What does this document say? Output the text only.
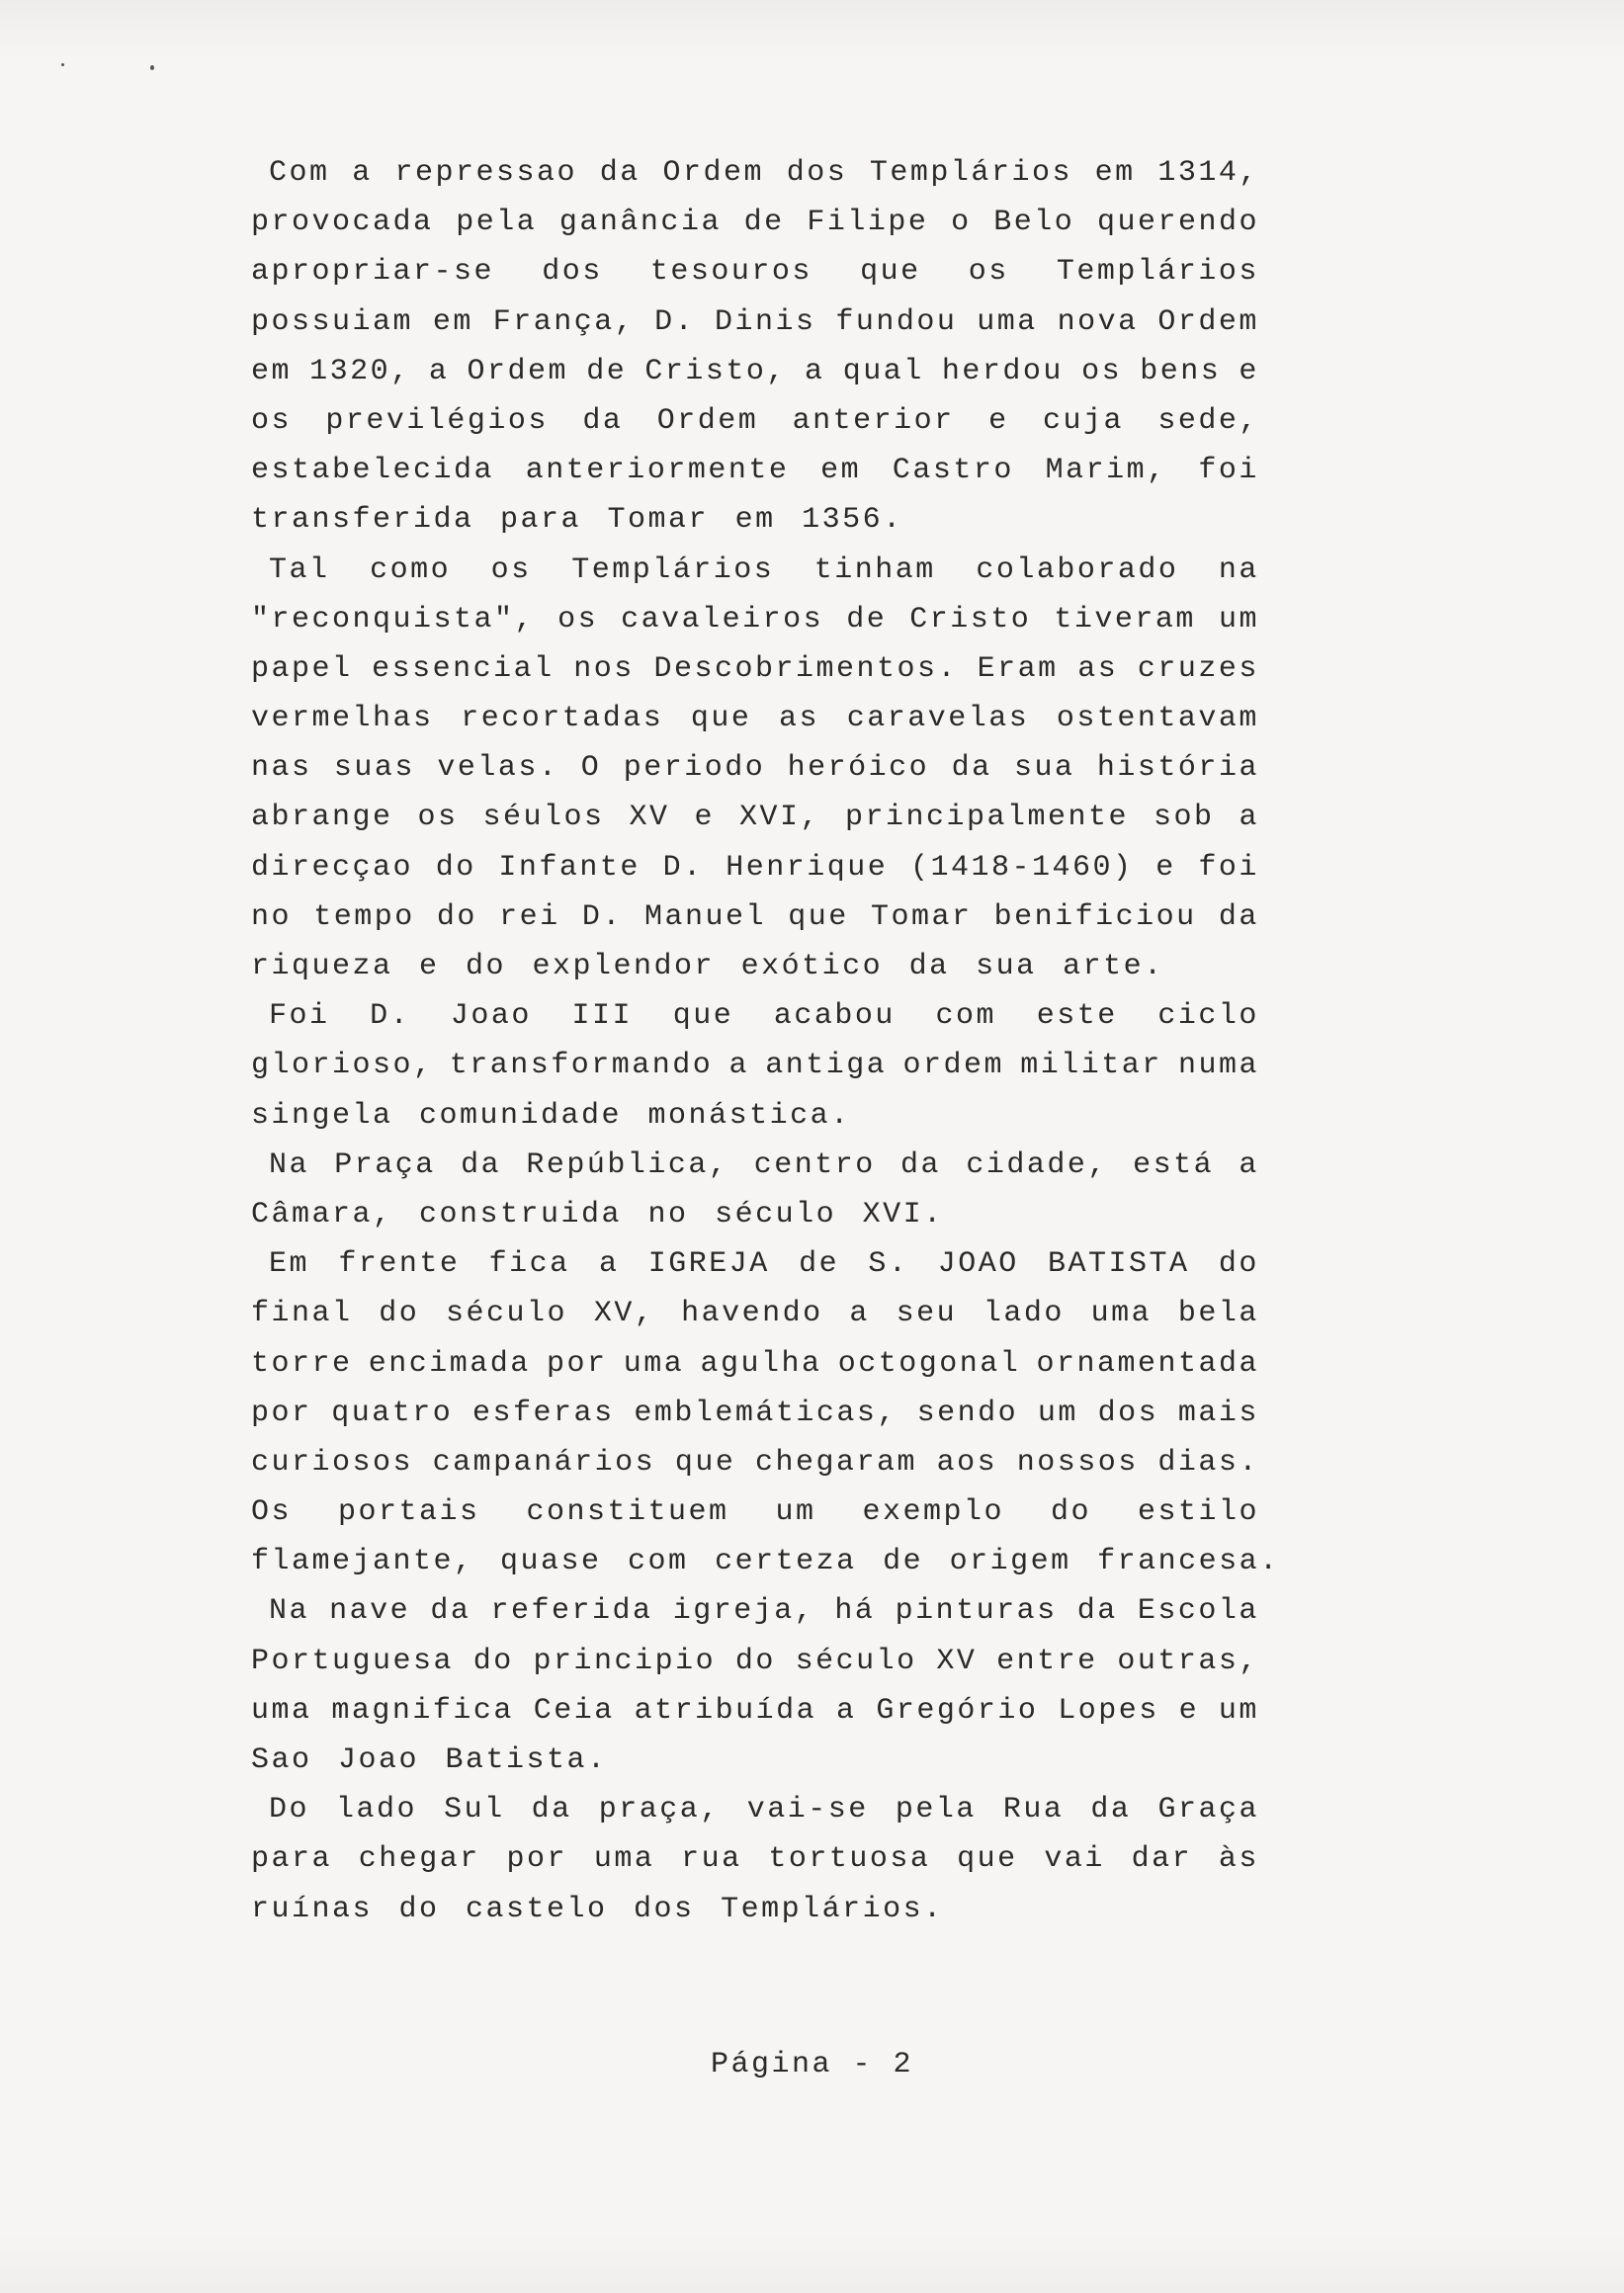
Com a repressao da Ordem dos Templários em 1314,
provocada pela ganância de Filipe o Belo querendo
apropriar-se dos tesouros que os Templários
possuiam em França, D. Dinis fundou uma nova Ordem
em 1320, a Ordem de Cristo, a qual herdou os bens e
os previlégios da Ordem anterior e cuja sede,
estabelecida anteriormente em Castro Marim, foi
transferida para Tomar em 1356.
Tal como os Templários tinham colaborado na
"reconquista", os cavaleiros de Cristo tiveram um
papel essencial nos Descobrimentos. Eram as cruzes
vermelhas recortadas que as caravelas ostentavam
nas suas velas. O periodo heróico da sua história
abrange os séulos XV e XVI, principalmente sob a
direcçao do Infante D. Henrique (1418-1460) e foi
no tempo do rei D. Manuel que Tomar benificiou da
riqueza e do explendor exótico da sua arte.
Foi D. Joao III que acabou com este ciclo
glorioso, transformando a antiga ordem militar numa
singela comunidade monástica.
Na Praça da República, centro da cidade, está a
Câmara, construida no século XVI.
Em frente fica a IGREJA de S. JOAO BATISTA do
final do século XV, havendo a seu lado uma bela
torre encimada por uma agulha octogonal ornamentada
por quatro esferas emblemáticas, sendo um dos mais
curiosos campanários que chegaram aos nossos dias.
Os portais constituem um exemplo do estilo
flamejante, quase com certeza de origem francesa.
Na nave da referida igreja, há pinturas da Escola
Portuguesa do principio do século XV entre outras,
uma magnifica Ceia atribuída a Gregório Lopes e um
Sao Joao Batista.
Do lado Sul da praça, vai-se pela Rua da Graça
para chegar por uma rua tortuosa que vai dar às
ruínas do castelo dos Templários.
Página - 2
